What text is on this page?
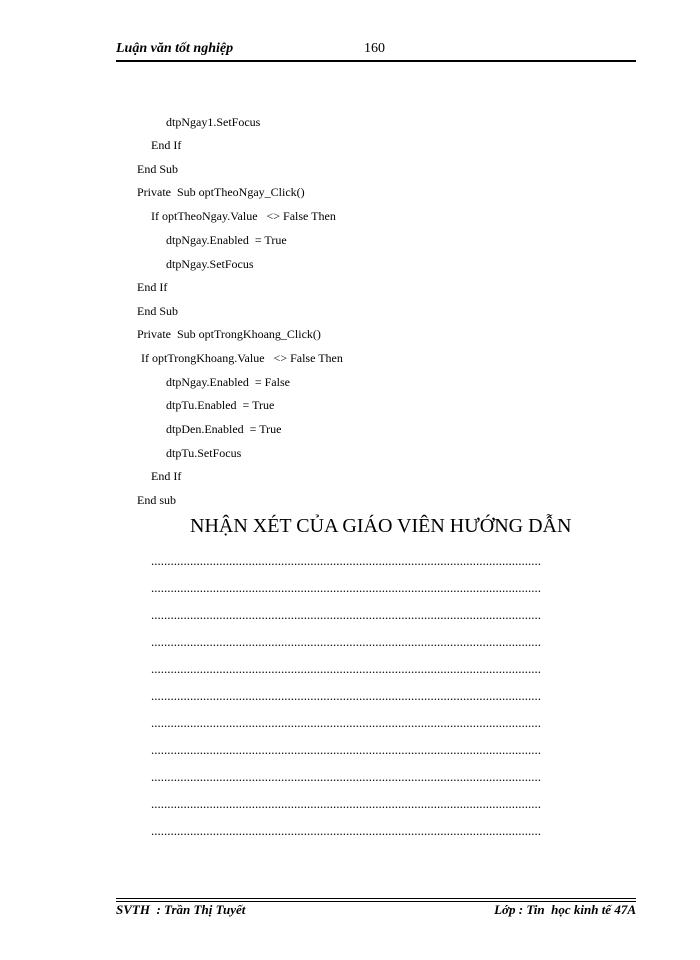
Luận văn tốt nghiệp	160
dtpNgay1.SetFocus
End If
End Sub
Private  Sub optTheoNgay_Click()
If optTheoNgay.Value   <> False Then
dtpNgay.Enabled  = True
dtpNgay.SetFocus
End If
End Sub
Private  Sub optTrongKhoang_Click()
If optTrongKhoang.Value   <> False Then
dtpNgay.Enabled  = False
dtpTu.Enabled  = True
dtpDen.Enabled  = True
dtpTu.SetFocus
End If
End sub
NHẬN XÉT CỦA GIÁO VIÊN HƯỚNG DẪN
........................................................................................................................
........................................................................................................................
........................................................................................................................
........................................................................................................................
........................................................................................................................
........................................................................................................................
........................................................................................................................
........................................................................................................................
........................................................................................................................
........................................................................................................................
........................................................................................................................
SVTH  : Trần Thị Tuyết	Lớp : Tin  học kinh tế 47A
